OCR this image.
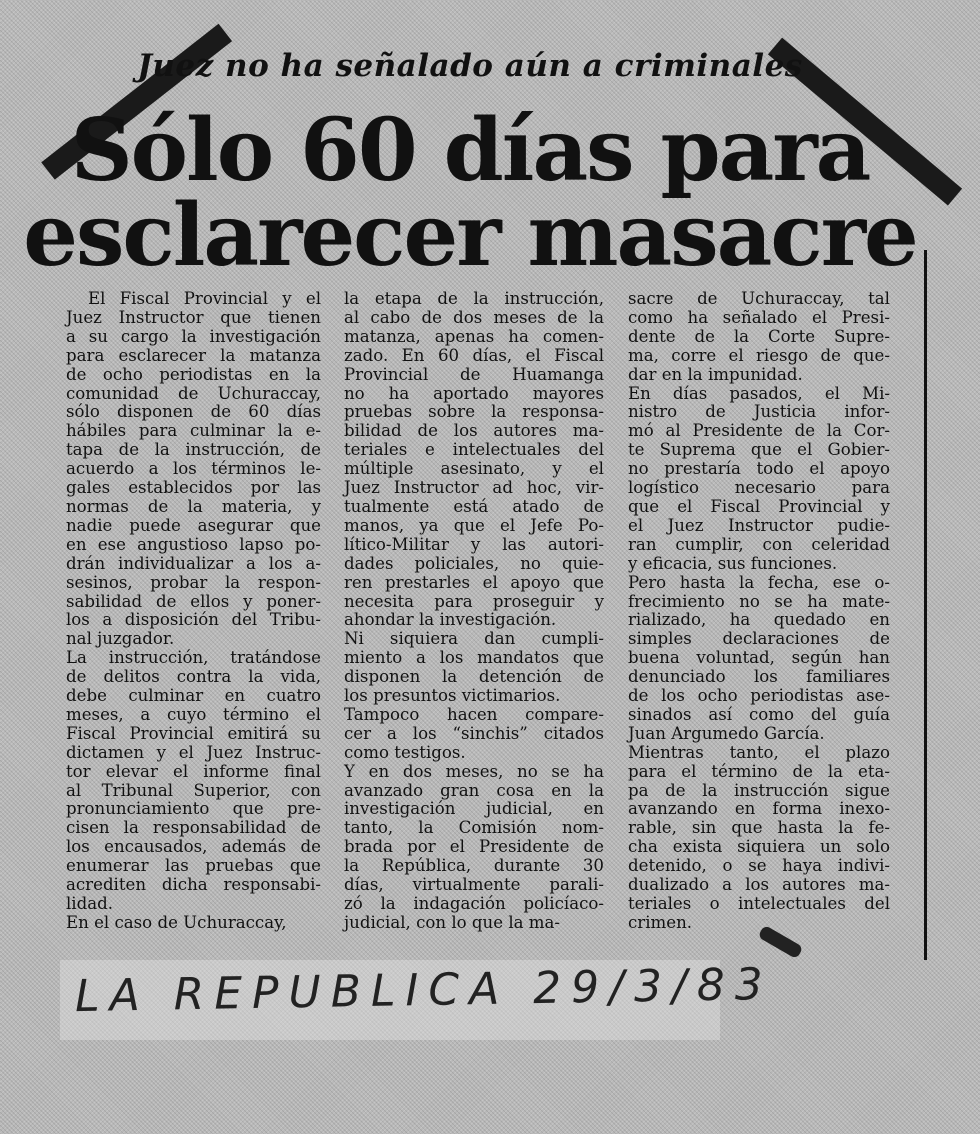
Juez no ha señalado aún a criminales
Sólo 60 días para
esclarecer masacre
El Fiscal Provincial y el
Juez Instructor que tienen
a su cargo la investigación
para esclarecer la matanza
de ocho periodistas en la
comunidad de Uchuraccay,
sólo disponen de 60 días
hábiles para culminar la e-
tapa de la instrucción, de
acuerdo a los términos le-
gales establecidos por las
normas de la materia, y
nadie puede asegurar que
en ese angustioso lapso po-
drán individualizar a los a-
sesinos, probar la respon-
sabilidad de ellos y poner-
los a disposición del Tribu-
nal juzgador.
La instrucción, tratándose
de delitos contra la vida,
debe culminar en cuatro
meses, a cuyo término el
Fiscal Provincial emitirá su
dictamen y el Juez Instruc-
tor elevar el informe final
al Tribunal Superior, con
pronunciamiento que pre-
cisen la responsabilidad de
los encausados, además de
enumerar las pruebas que
acrediten dicha responsabi-
lidad.
En el caso de Uchuraccay,
la etapa de la instrucción,
al cabo de dos meses de la
matanza, apenas ha comen-
zado. En 60 días, el Fiscal
Provincial de Huamanga
no ha aportado mayores
pruebas sobre la responsa-
bilidad de los autores ma-
teriales e intelectuales del
múltiple asesinato, y el
Juez Instructor ad hoc, vir-
tualmente está atado de
manos, ya que el Jefe Po-
lítico-Militar y las autori-
dades policiales, no quie-
ren prestarles el apoyo que
necesita para proseguir y
ahondar la investigación.
Ni siquiera dan cumpli-
miento a los mandatos que
disponen la detención de
los presuntos victimarios.
Tampoco hacen compare-
cer a los “sinchis” citados
como testigos.
Y en dos meses, no se ha
avanzado gran cosa en la
investigación judicial, en
tanto, la Comisión nom-
brada por el Presidente de
la República, durante 30
días, virtualmente parali-
zó la indagación policíaco-
judicial, con lo que la ma-
sacre de Uchuraccay, tal
como ha señalado el Presi-
dente de la Corte Supre-
ma, corre el riesgo de que-
dar en la impunidad.
En días pasados, el Mi-
nistro de Justicia infor-
mó al Presidente de la Cor-
te Suprema que el Gobier-
no prestaría todo el apoyo
logístico necesario para
que el Fiscal Provincial y
el Juez Instructor pudie-
ran cumplir, con celeridad
y eficacia, sus funciones.
Pero hasta la fecha, ese o-
frecimiento no se ha mate-
rializado, ha quedado en
simples declaraciones de
buena voluntad, según han
denunciado los familiares
de los ocho periodistas ase-
sinados así como del guía
Juan Argumedo García.
Mientras tanto, el plazo
para el término de la eta-
pa de la instrucción sigue
avanzando en forma inexo-
rable, sin que hasta la fe-
cha exista siquiera un solo
detenido, o se haya indivi-
dualizado a los autores ma-
teriales o intelectuales del
crimen.
LA REPUBLICA 29/3/83
